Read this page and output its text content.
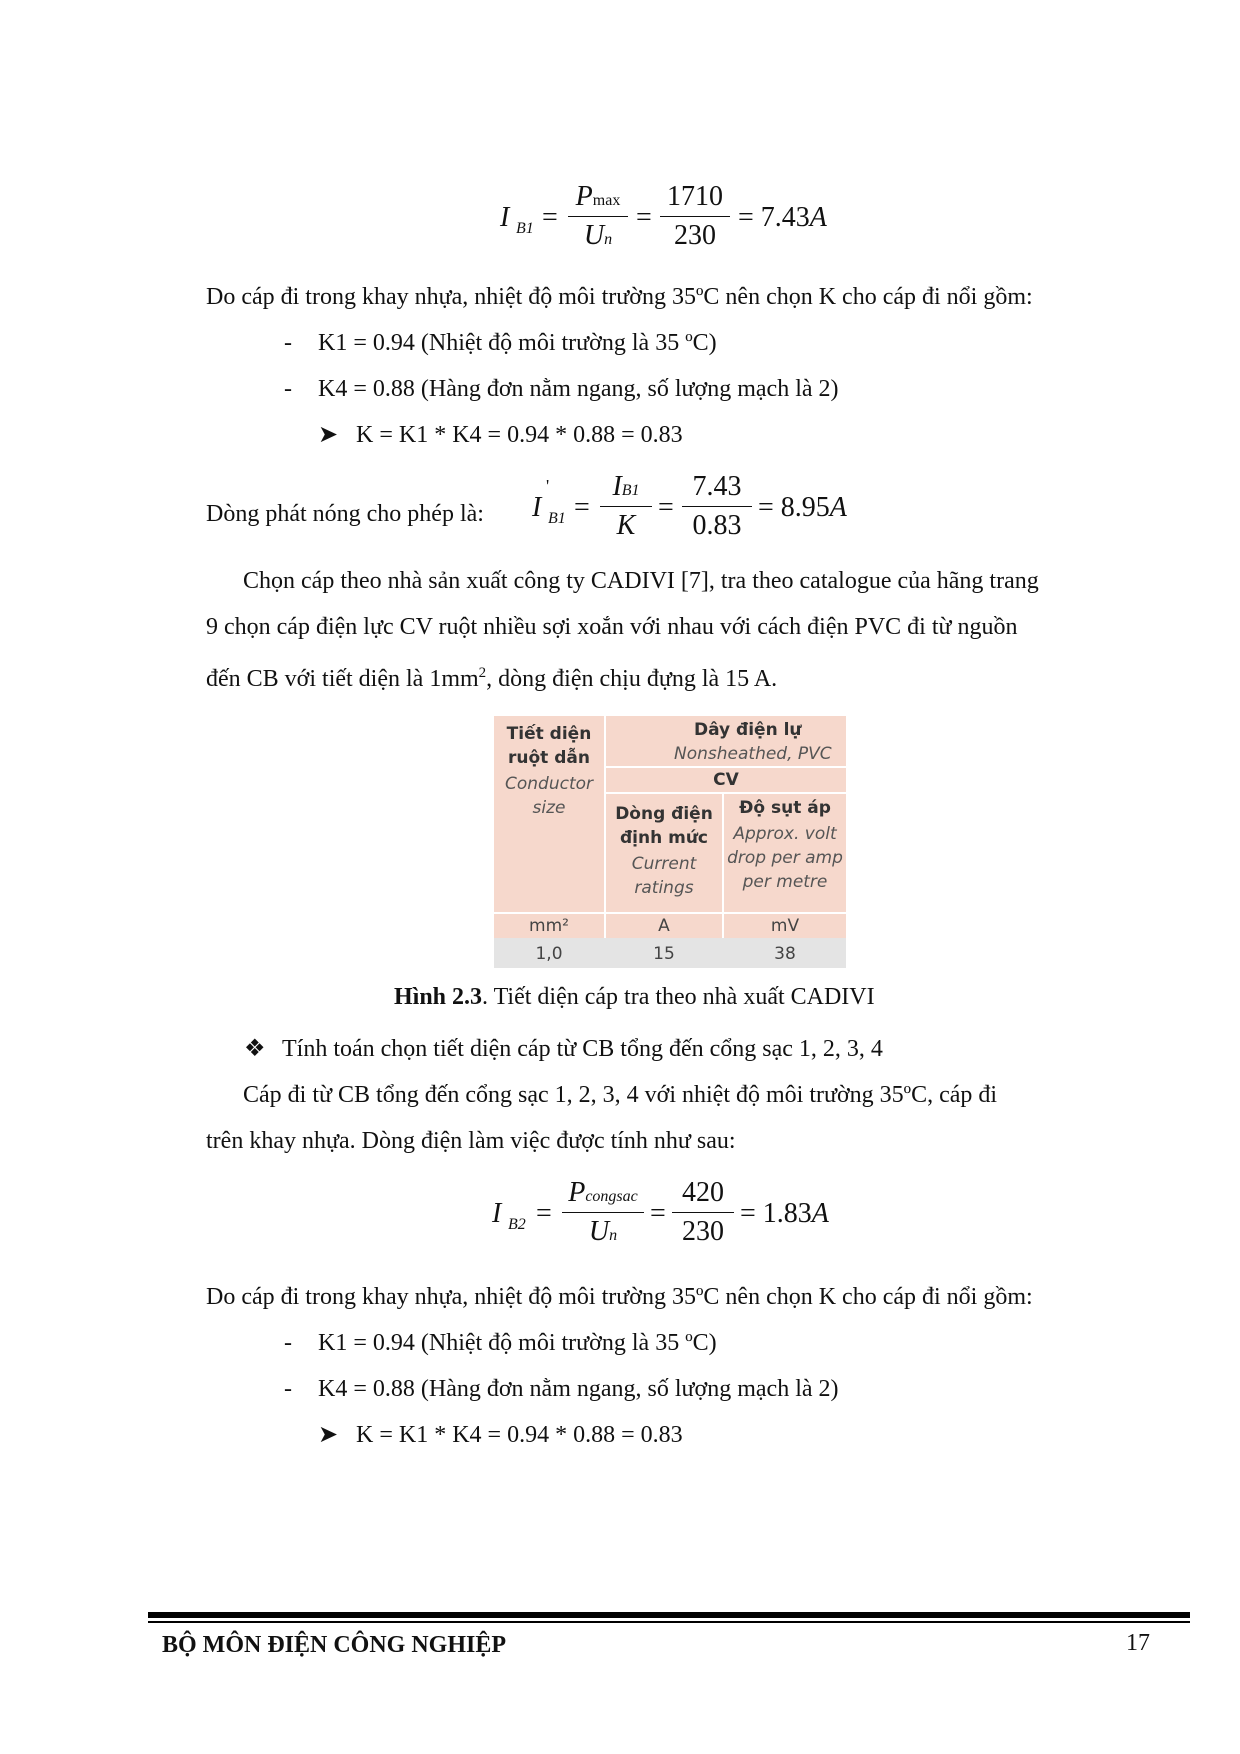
I B1 =
Pmax
Un
=
1710
230
= 7.43A
Do cáp đi trong khay nhựa, nhiệt độ môi trường 35ºC nên chọn K cho cáp đi nổi gồm:
- K1 = 0.94 (Nhiệt độ môi trường là 35 ºC)
- K4 = 0.88 (Hàng đơn nằm ngang, số lượng mạch là 2)
➤ K = K1 * K4 = 0.94 * 0.88 = 0.83
Dòng phát nóng cho phép là: I
'
B1 =
IB1
K
=
7.43
0.83
= 8.95A
Chọn cáp theo nhà sản xuất công ty CADIVI [7], tra theo catalogue của hãng trang
9 chọn cáp điện lực CV ruột nhiều sợi xoắn với nhau với cách điện PVC đi từ nguồn
đến CB với tiết diện là $1mm^2$, dòng điện chịu đựng là 15 A.
Tiết diện ruột dẫn
Conductor size
Dây điện lự
Nonsheathed, PVC
CV
Dòng điện định mức
Current ratings
Độ sụt áp
Approx. volt drop per amp per metre
mm²	A	mV
1,0	15	38
Hình 2.3. Tiết diện cáp tra theo nhà xuất CADIVI
❖ Tính toán chọn tiết diện cáp từ CB tổng đến cổng sạc 1, 2, 3, 4
Cáp đi từ CB tổng đến cổng sạc 1, 2, 3, 4 với nhiệt độ môi trường 35ºC, cáp đi
trên khay nhựa. Dòng điện làm việc được tính như sau:
I B2 =
Pcongsac
Un
=
420
230
= 1.83A
Do cáp đi trong khay nhựa, nhiệt độ môi trường 35ºC nên chọn K cho cáp đi nổi gồm:
- K1 = 0.94 (Nhiệt độ môi trường là 35 ºC)
- K4 = 0.88 (Hàng đơn nằm ngang, số lượng mạch là 2)
➤ K = K1 * K4 = 0.94 * 0.88 = 0.83
BỘ MÔN ĐIỆN CÔNG NGHIỆP	17
